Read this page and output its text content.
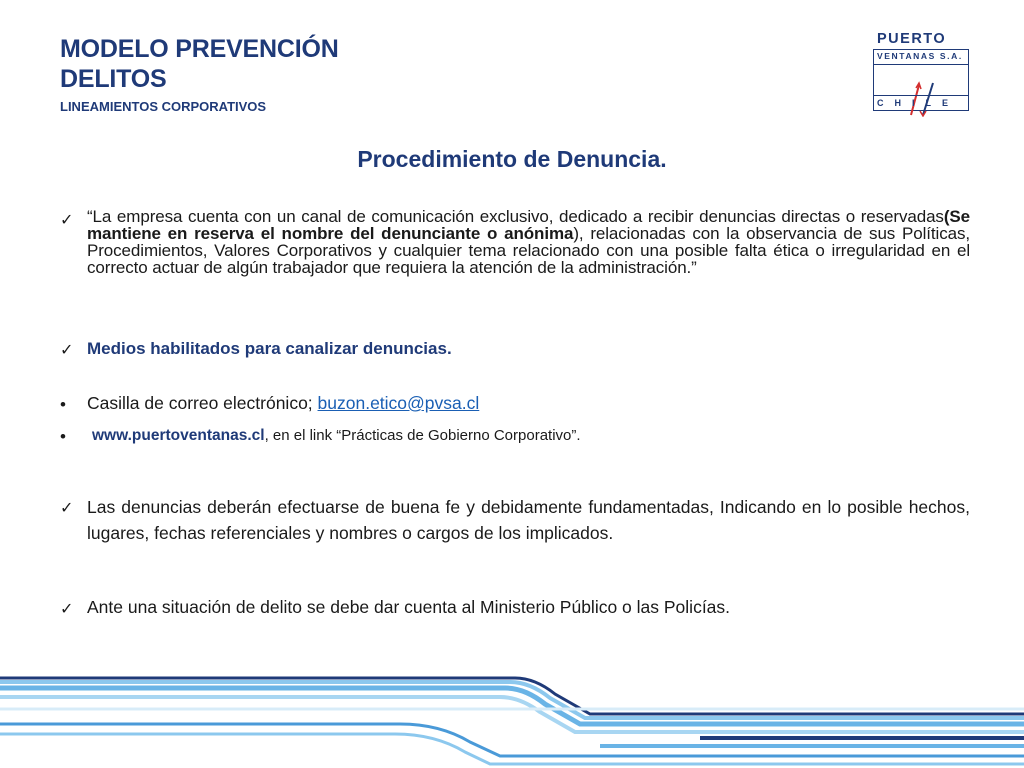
MODELO PREVENCIÓN
DELITOS
LINEAMIENTOS CORPORATIVOS
PUERTO
VENTANAS S.A.
CHILE
Procedimiento de Denuncia.
✓ “La empresa cuenta con un canal de comunicación exclusivo, dedicado a recibir denuncias directas o reservadas(Se mantiene en reserva el nombre del denunciante o anónima), relacionadas con la observancia de sus Políticas, Procedimientos, Valores Corporativos y cualquier tema relacionado con una posible falta ética o irregularidad en el correcto actuar de algún trabajador que requiera la atención de la administración.”
✓ Medios habilitados para canalizar denuncias.
• Casilla de correo electrónico; buzon.etico@pvsa.cl
• www.puertoventanas.cl, en el link “Prácticas de Gobierno Corporativo”.
✓ Las denuncias deberán efectuarse de buena fe y debidamente fundamentadas, Indicando en lo posible hechos, lugares, fechas referenciales y nombres o cargos de los implicados.
✓ Ante una situación de delito se debe dar cuenta al Ministerio Público o las Policías.
